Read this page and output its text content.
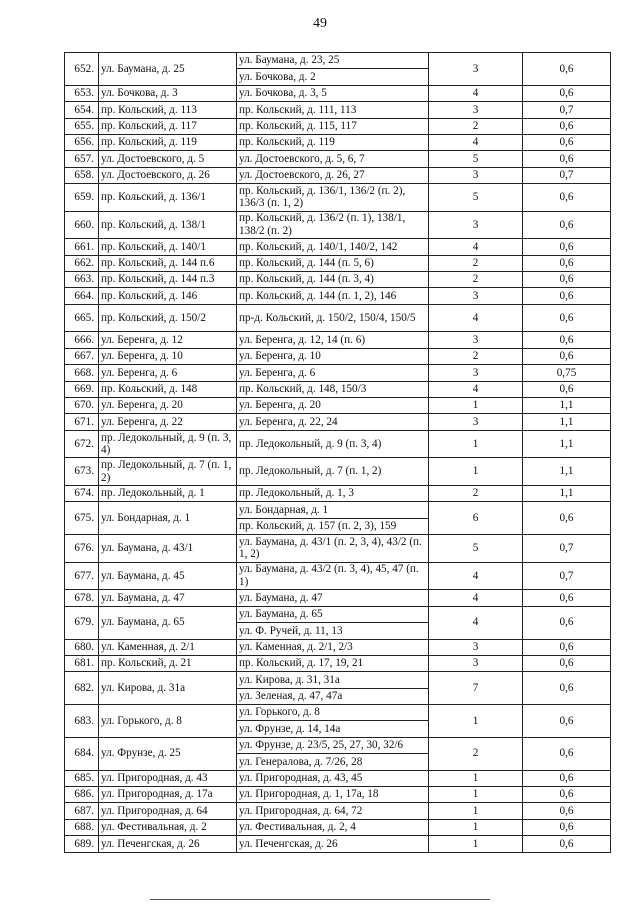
49
652.	ул. Баумана, д. 25	ул. Баумана, д. 23, 25	3	0,6
		ул. Бочкова, д. 2		
653.	ул. Бочкова, д. 3	ул. Бочкова, д. 3, 5	4	0,6
654.	пр. Кольский, д. 113	пр. Кольский, д. 111, 113	3	0,7
655.	пр. Кольский, д. 117	пр. Кольский, д. 115, 117	2	0,6
656.	пр. Кольский, д. 119	пр. Кольский, д. 119	4	0,6
657.	ул. Достоевского, д. 5	ул. Достоевского, д. 5, 6, 7	5	0,6
658.	ул. Достоевского, д. 26	ул. Достоевского, д. 26, 27	3	0,7
659.	пр. Кольский, д. 136/1	пр. Кольский, д. 136/1, 136/2 (п. 2), 136/3 (п. 1, 2)	5	0,6
660.	пр. Кольский, д. 138/1	пр. Кольский, д. 136/2 (п. 1), 138/1, 138/2 (п. 2)	3	0,6
661.	пр. Кольский, д. 140/1	пр. Кольский, д. 140/1, 140/2, 142	4	0,6
662.	пр. Кольский, д. 144 п.6	пр. Кольский, д. 144 (п. 5, 6)	2	0,6
663.	пр. Кольский, д. 144 п.3	пр. Кольский, д. 144 (п. 3, 4)	2	0,6
664.	пр. Кольский, д. 146	пр. Кольский, д. 144 (п. 1, 2), 146	3	0,6
665.	пр. Кольский, д. 150/2	пр-д. Кольский, д. 150/2, 150/4, 150/5	4	0,6
666.	ул. Беренга, д. 12	ул. Беренга, д. 12, 14 (п. 6)	3	0,6
667.	ул. Беренга, д. 10	ул. Беренга, д. 10	2	0,6
668.	ул. Беренга, д. 6	ул. Беренга, д. 6	3	0,75
669.	пр. Кольский, д. 148	пр. Кольский, д. 148, 150/3	4	0,6
670.	ул. Беренга, д. 20	ул. Беренга, д. 20	1	1,1
671.	ул. Беренга, д. 22	ул. Беренга, д. 22, 24	3	1,1
672.	пр. Ледокольный, д. 9 (п. 3, 4)	пр. Ледокольный, д. 9 (п. 3, 4)	1	1,1
673.	пр. Ледокольный, д. 7 (п. 1, 2)	пр. Ледокольный, д. 7 (п. 1, 2)	1	1,1
674.	пр. Ледокольный, д. 1	пр. Ледокольный, д. 1, 3	2	1,1
675.	ул. Бондарная, д. 1	ул. Бондарная, д. 1	6	0,6
		пр. Кольский, д. 157 (п. 2, 3), 159		
676.	ул. Баумана, д. 43/1	ул. Баумана, д. 43/1 (п. 2, 3, 4), 43/2 (п. 1, 2)	5	0,7
677.	ул. Баумана, д. 45	ул. Баумана, д. 43/2 (п. 3, 4), 45, 47 (п. 1)	4	0,7
678.	ул. Баумана, д. 47	ул. Баумана, д. 47	4	0,6
679.	ул. Баумана, д. 65	ул. Баумана, д. 65	4	0,6
		ул. Ф. Ручей, д. 11, 13		
680.	ул. Каменная, д. 2/1	ул. Каменная, д. 2/1, 2/3	3	0,6
681.	пр. Кольский, д. 21	пр. Кольский, д. 17, 19, 21	3	0,6
682.	ул. Кирова, д. 31а	ул. Кирова, д. 31, 31а	7	0,6
		ул. Зеленая, д. 47, 47а		
683.	ул. Горького, д. 8	ул. Горького, д. 8	1	0,6
		ул. Фрунзе, д. 14, 14а		
684.	ул. Фрунзе, д. 25	ул. Фрунзе, д. 23/5, 25, 27, 30, 32/6	2	0,6
		ул. Генералова, д. 7/26, 28		
685.	ул. Пригородная, д. 43	ул. Пригородная, д. 43, 45	1	0,6
686.	ул. Пригородная, д. 17а	ул. Пригородная, д. 1, 17а, 18	1	0,6
687.	ул. Пригородная, д. 64	ул. Пригородная, д. 64, 72	1	0,6
688.	ул. Фестивальная, д. 2	ул. Фестивальная, д. 2, 4	1	0,6
689.	ул. Печенгская, д. 26	ул. Печенгская, д. 26	1	0,6
